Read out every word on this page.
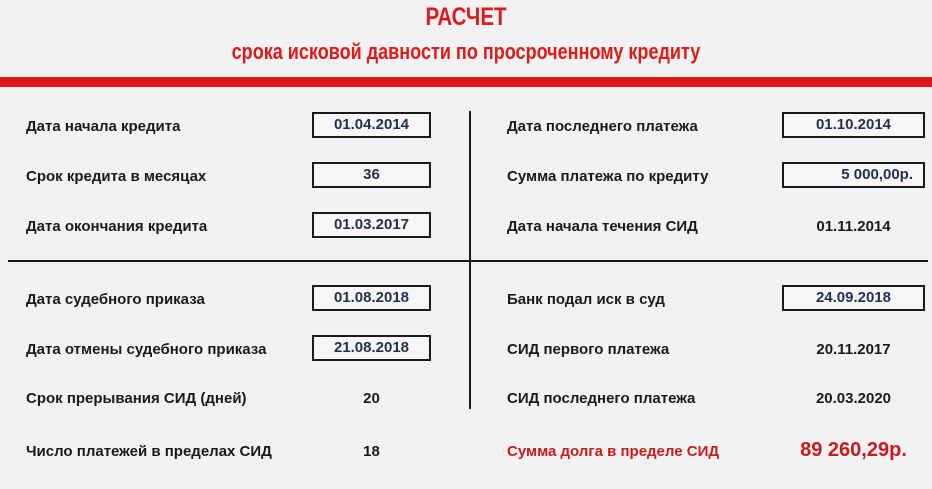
РАСЧЕТ
срока исковой давности по просроченному кредиту
Дата начала кредита	01.04.2014
Срок кредита в месяцах	36
Дата окончания кредита	01.03.2017
Дата последнего платежа	01.10.2014
Сумма платежа по кредиту	5 000,00р.
Дата начала течения СИД	01.11.2014
Дата судебного приказа	01.08.2018
Дата отмены судебного приказа	21.08.2018
Срок прерывания СИД (дней)	20
Число платежей в пределах СИД	18
Банк подал иск в суд	24.09.2018
СИД первого платежа	20.11.2017
СИД последнего платежа	20.03.2020
Сумма долга в пределе СИД	89 260,29р.
